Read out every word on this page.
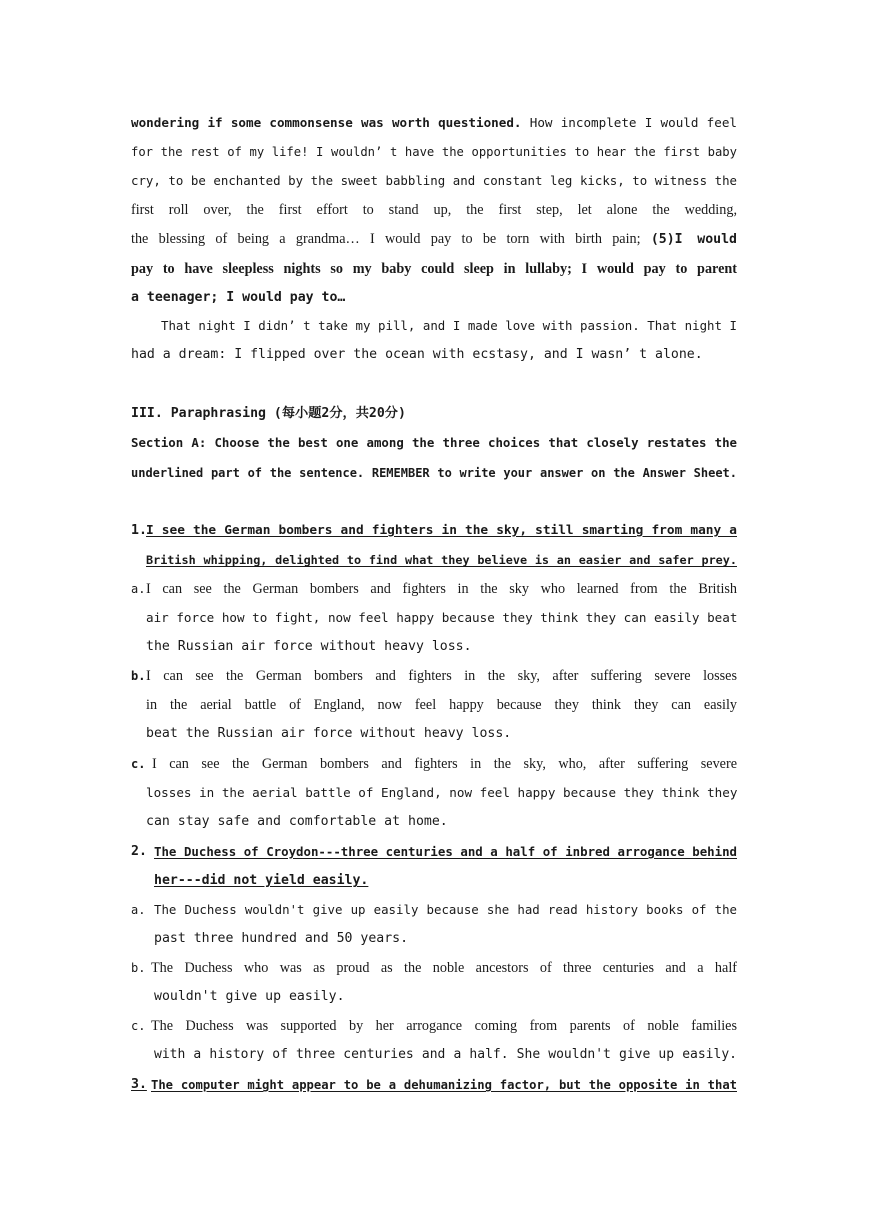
wondering if some commonsense was worth questioned. How incomplete I would feel
for the rest of my life! I wouldn’ t have the opportunities to hear the first baby
cry, to be enchanted by the sweet babbling and constant leg kicks, to witness the
first roll over, the first effort to stand up, the first step, let alone the wedding,
the blessing of being a grandma… I would pay to be torn with birth pain; (5)I would
pay to have sleepless nights so my baby could sleep in lullaby; I would pay to parent
a teenager; I would pay to…
That night I didn’ t take my pill, and I made love with passion. That night I
had a dream: I flipped over the ocean with ecstasy, and I wasn’ t alone.
III. Paraphrasing (每小题2分，共20分)
Section A: Choose the best one among the three choices that closely restates the
underlined part of the sentence. REMEMBER to write your answer on the Answer Sheet.
1. I see the German bombers and fighters in the sky, still smarting from many a
British whipping, delighted to find what they believe is an easier and safer prey.
a. I can see the German bombers and fighters in the sky who learned from the British
air force how to fight, now feel happy because they think they can easily beat
the Russian air force without heavy loss.
b. I can see the German bombers and fighters in the sky, after suffering severe losses
in the aerial battle of England, now feel happy because they think they can easily
beat the Russian air force without heavy loss.
c. I can see the German bombers and fighters in the sky, who, after suffering severe
losses in the aerial battle of England, now feel happy because they think they
can stay safe and comfortable at home.
2. The Duchess of Croydon---three centuries and a half of inbred arrogance behind
her---did not yield easily.
a. The Duchess wouldn't give up easily because she had read history books of the
past three hundred and 50 years.
b. The Duchess who was as proud as the noble ancestors of three centuries and a half
wouldn't give up easily.
c. The Duchess was supported by her arrogance coming from parents of noble families
with a history of three centuries and a half. She wouldn't give up easily.
3. The computer might appear to be a dehumanizing factor, but the opposite in that
